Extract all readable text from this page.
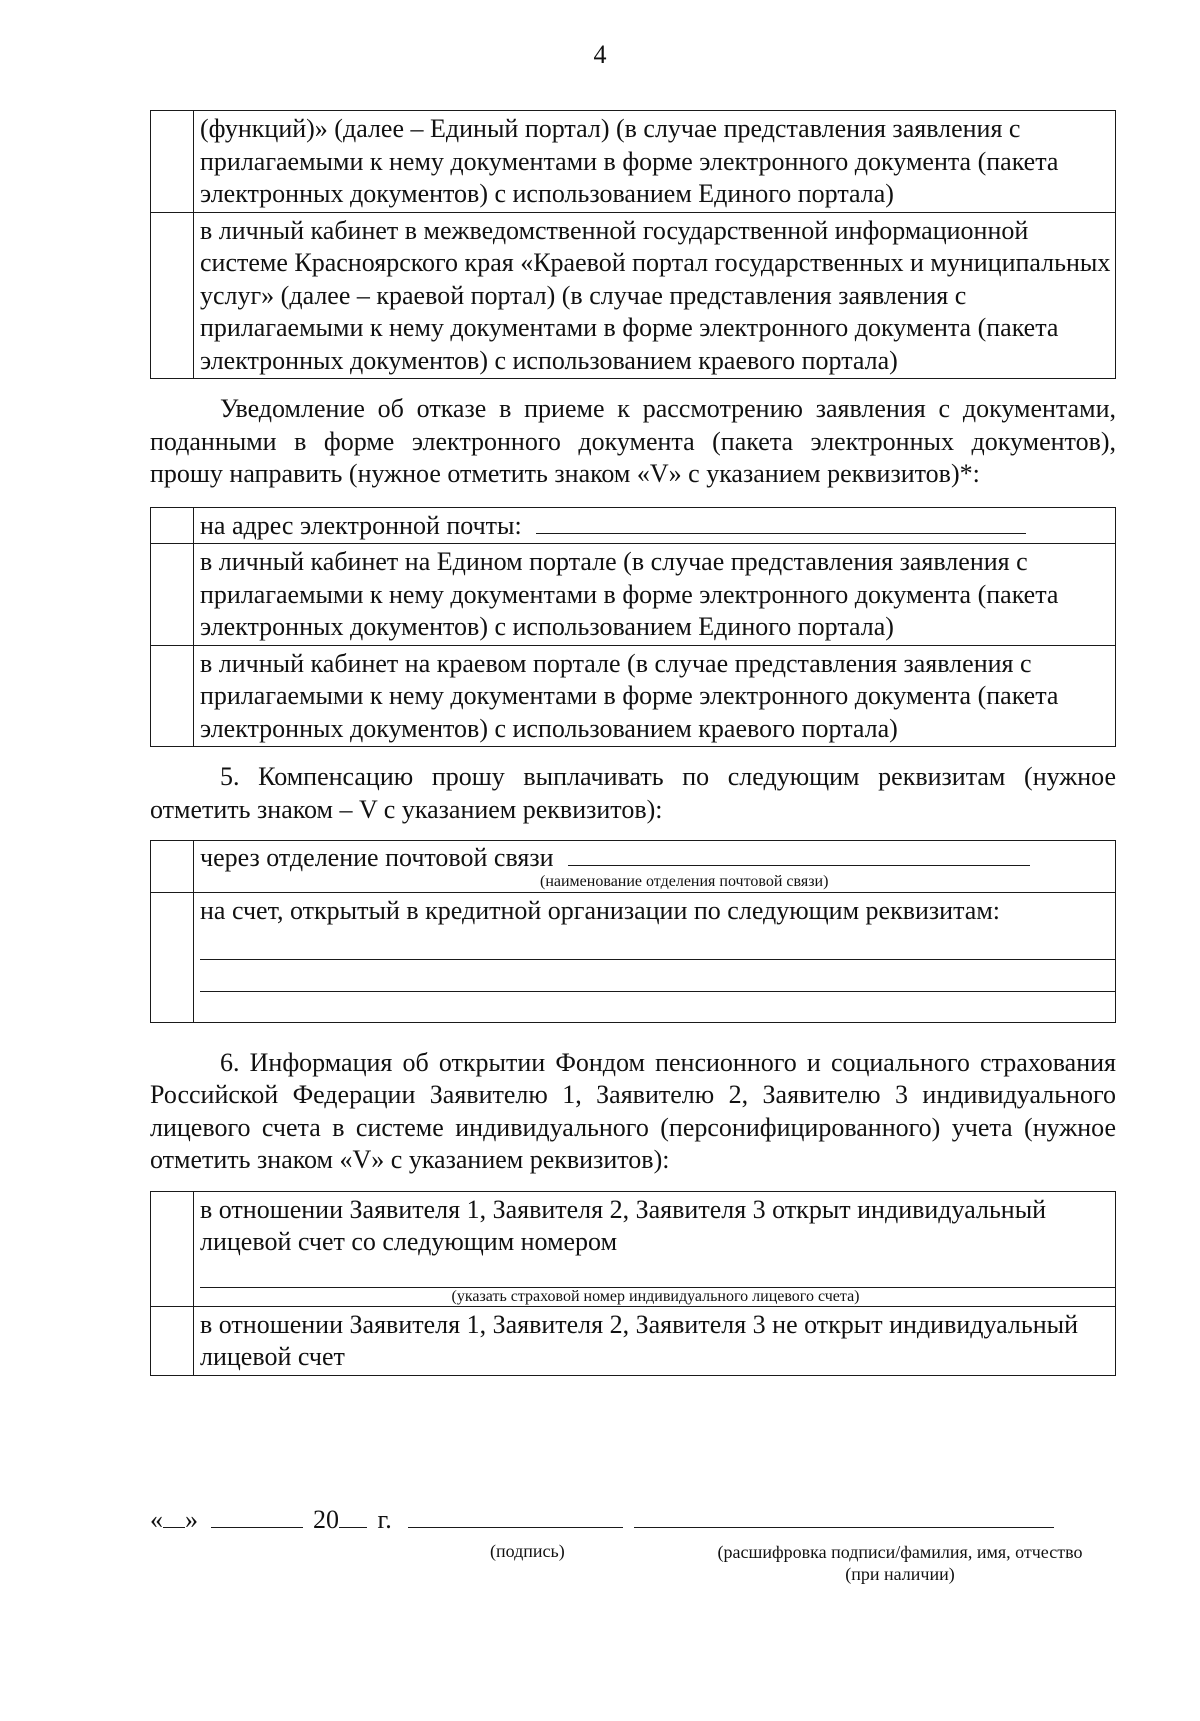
4
	(функций)» (далее – Единый портал) (в случае представления заявления с прилагаемыми к нему документами в форме электронного документа (пакета электронных документов) с использованием Единого портала)
	в личный кабинет в межведомственной государственной информационной системе Красноярского края «Краевой портал государственных и муниципальных услуг» (далее – краевой портал) (в случае представления заявления с прилагаемыми к нему документами в форме электронного документа (пакета электронных документов) с использованием краевого портала)

Уведомление об отказе в приеме к рассмотрению заявления с документами, поданными в форме электронного документа (пакета электронных документов), прошу направить (нужное отметить знаком «V» с указанием реквизитов)*:

	на адрес электронной почты:
	в личный кабинет на Едином портале (в случае представления заявления с прилагаемыми к нему документами в форме электронного документа (пакета электронных документов) с использованием Единого портала)
	в личный кабинет на краевом портале (в случае представления заявления с прилагаемыми к нему документами в форме электронного документа (пакета электронных документов) с использованием краевого портала)

5. Компенсацию прошу выплачивать по следующим реквизитам (нужное отметить знаком – V с указанием реквизитов):

	через отделение почтовой связи
(наименование отделения почтовой связи)

	на счет, открытый в кредитной организации по следующим реквизитам:

6. Информация об открытии Фондом пенсионного и социального страхования Российской Федерации Заявителю 1, Заявителю 2, Заявителю 3 индивидуального лицевого счета в системе индивидуального (персонифицированного) учета (нужное отметить знаком «V» с указанием реквизитов):

	в отношении Заявителя 1, Заявителя 2, Заявителя 3 открыт индивидуальный лицевой счет со следующим номером
(указать страховой номер индивидуального лицевого счета)

	в отношении Заявителя 1, Заявителя 2, Заявителя 3 не открыт индивидуальный лицевой счет
« »	20 г.
(подпись)	(расшифровка подписи/фамилия, имя, отчество (при наличии)
